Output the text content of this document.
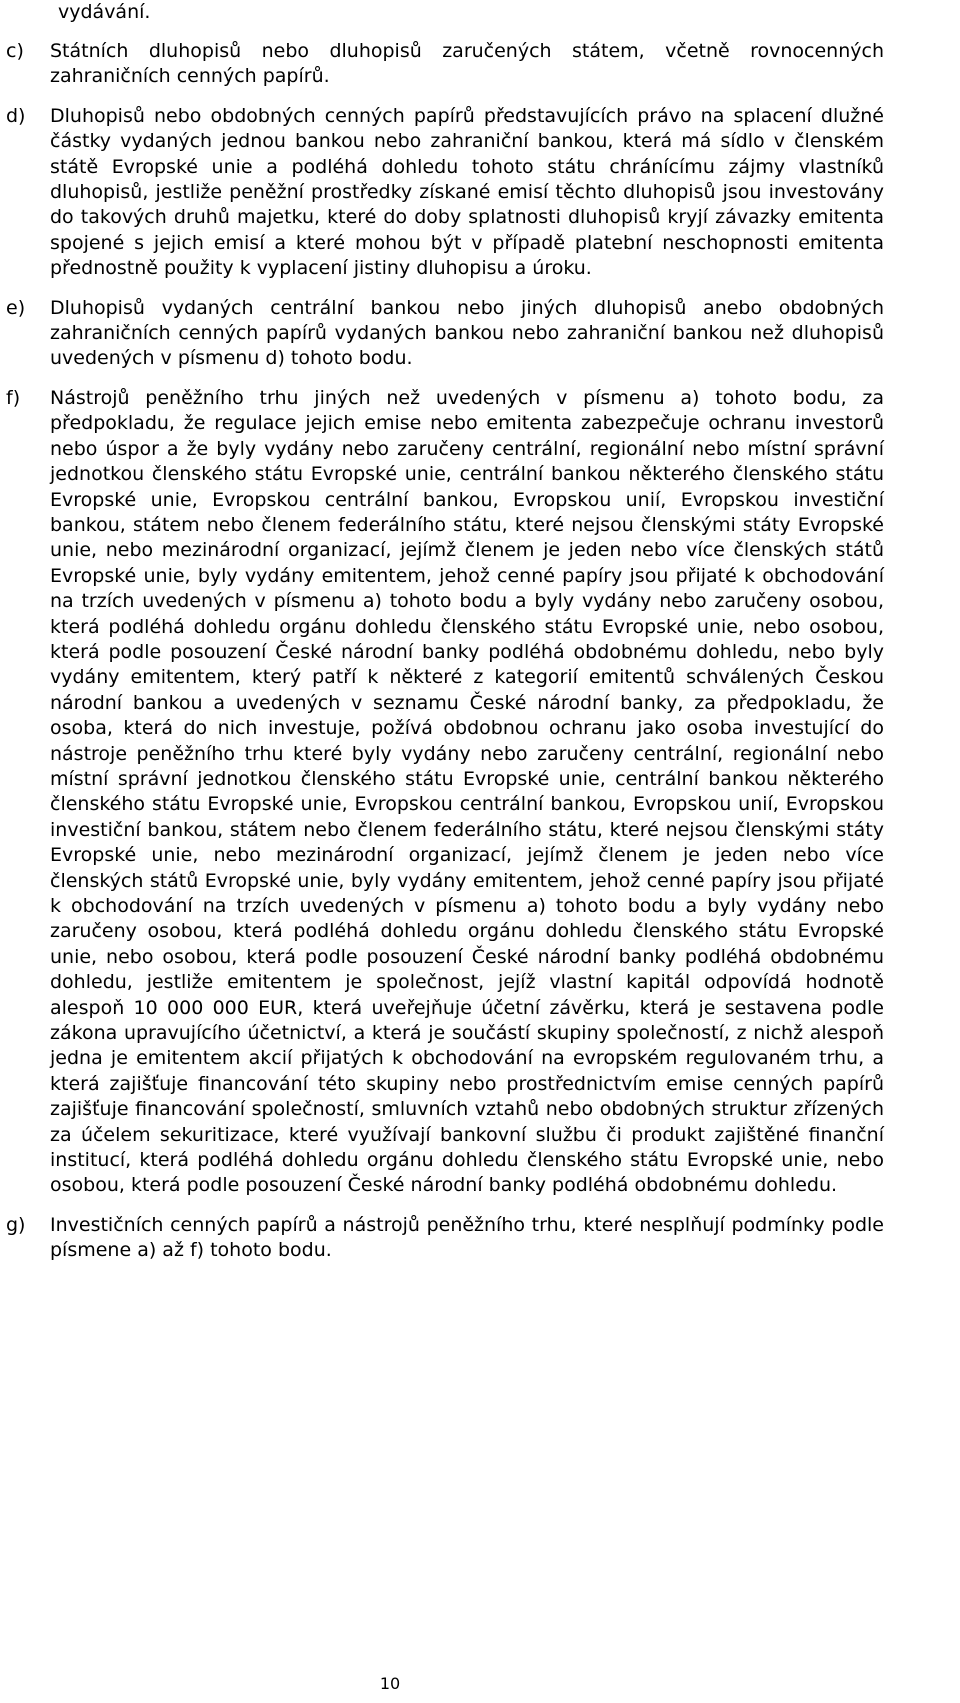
vydávání.

c)	Státních dluhopisů nebo dluhopisů zaručených státem, včetně rovnocenných zahraničních cenných papírů.
d)	Dluhopisů nebo obdobných cenných papírů představujících právo na splacení dlužné částky vydaných jednou bankou nebo zahraniční bankou, která má sídlo v členském státě Evropské unie a podléhá dohledu tohoto státu chránícímu zájmy vlastníků dluhopisů, jestliže peněžní prostředky získané emisí těchto dluhopisů jsou investovány do takových druhů majetku, které do doby splatnosti dluhopisů kryjí závazky emitenta spojené s jejich emisí a které mohou být v případě platební neschopnosti emitenta přednostně použity k vyplacení jistiny dluhopisu a úroku.
e)	Dluhopisů vydaných centrální bankou nebo jiných dluhopisů anebo obdobných zahraničních cenných papírů vydaných bankou nebo zahraniční bankou než dluhopisů uvedených v písmenu d) tohoto bodu.
f)	Nástrojů peněžního trhu jiných než uvedených v písmenu a) tohoto bodu, za předpokladu, že regulace jejich emise nebo emitenta zabezpečuje ochranu investorů nebo úspor a že byly vydány nebo zaručeny centrální, regionální nebo místní správní jednotkou členského státu Evropské unie, centrální bankou některého členského státu Evropské unie, Evropskou centrální bankou, Evropskou unií, Evropskou investiční bankou, státem nebo členem federálního státu, které nejsou členskými státy Evropské unie, nebo mezinárodní organizací, jejímž členem je jeden nebo více členských států Evropské unie, byly vydány emitentem, jehož cenné papíry jsou přijaté k obchodování na trzích uvedených v písmenu a) tohoto bodu a byly vydány nebo zaručeny osobou, která podléhá dohledu orgánu dohledu členského státu Evropské unie, nebo osobou, která podle posouzení České národní banky podléhá obdobnému dohledu, nebo byly vydány emitentem, který patří k některé z kategorií emitentů schválených Českou národní bankou a uvedených v seznamu České národní banky, za předpokladu, že osoba, která do nich investuje, požívá obdobnou ochranu jako osoba investující do nástroje peněžního trhu které byly vydány nebo zaručeny centrální, regionální nebo místní správní jednotkou členského státu Evropské unie, centrální bankou některého členského státu Evropské unie, Evropskou centrální bankou, Evropskou unií, Evropskou investiční bankou, státem nebo členem federálního státu, které nejsou členskými státy Evropské unie, nebo mezinárodní organizací, jejímž členem je jeden nebo více členských států Evropské unie, byly vydány emitentem, jehož cenné papíry jsou přijaté k obchodování na trzích uvedených v písmenu a) tohoto bodu a byly vydány nebo zaručeny osobou, která podléhá dohledu orgánu dohledu členského státu Evropské unie, nebo osobou, která podle posouzení České národní banky podléhá obdobnému dohledu, jestliže emitentem je společnost, jejíž vlastní kapitál odpovídá hodnotě alespoň 10 000 000 EUR, která uveřejňuje účetní závěrku, která je sestavena podle zákona upravujícího účetnictví, a která je součástí skupiny společností, z nichž alespoň jedna je emitentem akcií přijatých k obchodování na evropském regulovaném trhu, a která zajišťuje financování této skupiny nebo prostřednictvím emise cenných papírů zajišťuje financování společností, smluvních vztahů nebo obdobných struktur zřízených za účelem sekuritizace, které využívají bankovní službu či produkt zajištěné finanční institucí, která podléhá dohledu orgánu dohledu členského státu Evropské unie, nebo osobou, která podle posouzení České národní banky podléhá obdobnému dohledu.
g)	Investičních cenných papírů a nástrojů peněžního trhu, které nesplňují podmínky podle písmene a) až f) tohoto bodu.
10
